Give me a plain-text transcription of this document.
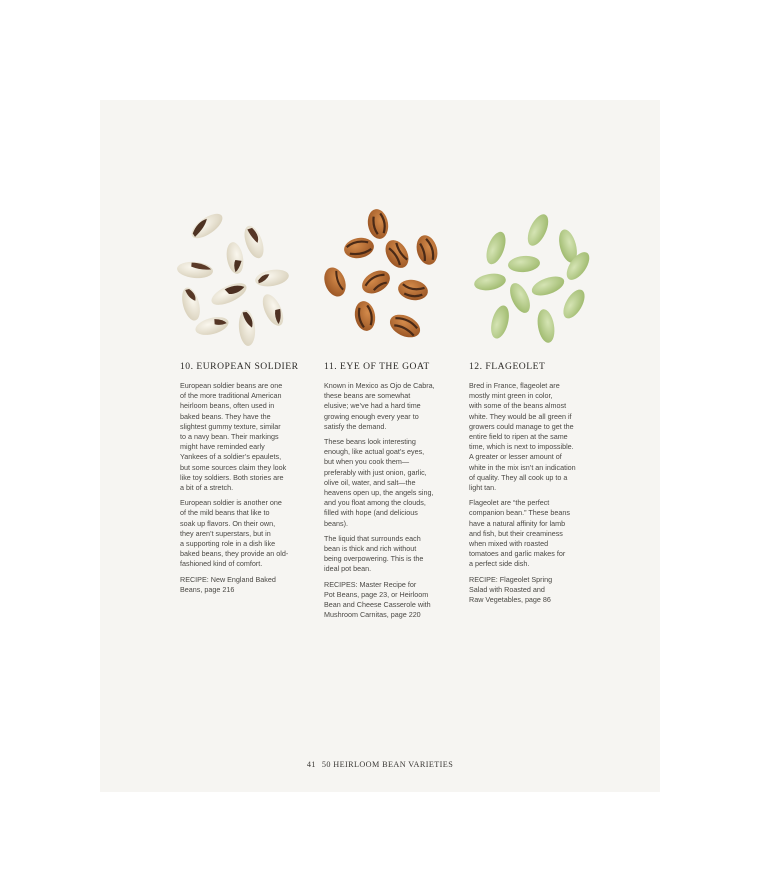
10. EUROPEAN SOLDIER

European soldier beans are one
of the more traditional American
heirloom beans, often used in
baked beans. They have the
slightest gummy texture, similar
to a navy bean. Their markings
might have reminded early
Yankees of a soldier’s epaulets,
but some sources claim they look
like toy soldiers. Both stories are
a bit of a stretch.

European soldier is another one
of the mild beans that like to
soak up flavors. On their own,
they aren’t superstars, but in
a supporting role in a dish like
baked beans, they provide an old-
fashioned kind of comfort.

RECIPE: New England Baked
Beans, page 216

11. EYE OF THE GOAT

Known in Mexico as Ojo de Cabra,
these beans are somewhat
elusive; we’ve had a hard time
growing enough every year to
satisfy the demand.

These beans look interesting
enough, like actual goat’s eyes,
but when you cook them—
preferably with just onion, garlic,
olive oil, water, and salt—the
heavens open up, the angels sing,
and you float among the clouds,
filled with hope (and delicious
beans).

The liquid that surrounds each
bean is thick and rich without
being overpowering. This is the
ideal pot bean.

RECIPES: Master Recipe for
Pot Beans, page 23, or Heirloom
Bean and Cheese Casserole with
Mushroom Carnitas, page 220

12. FLAGEOLET

Bred in France, flageolet are
mostly mint green in color,
with some of the beans almost
white. They would be all green if
growers could manage to get the
entire field to ripen at the same
time, which is next to impossible.
A greater or lesser amount of
white in the mix isn’t an indication
of quality. They all cook up to a
light tan.

Flageolet are “the perfect
companion bean.” These beans
have a natural affinity for lamb
and fish, but their creaminess
when mixed with roasted
tomatoes and garlic makes for
a perfect side dish.

RECIPE: Flageolet Spring
Salad with Roasted and
Raw Vegetables, page 86

41 50 HEIRLOOM BEAN VARIETIES
